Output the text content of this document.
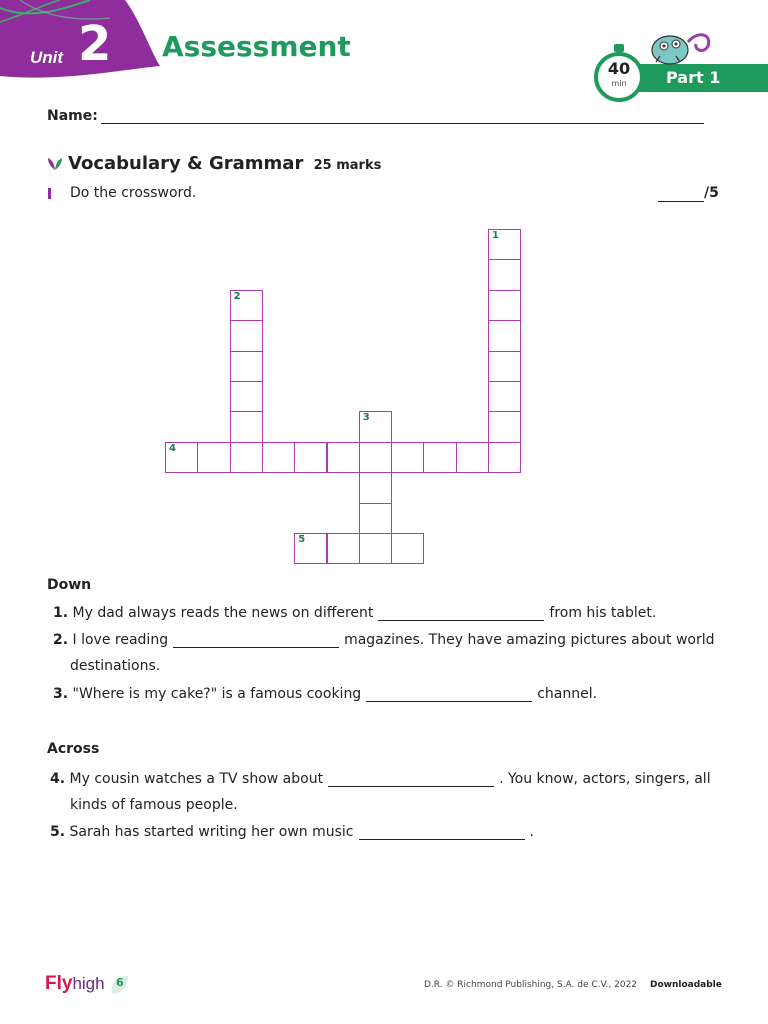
Unit 2 Assessment
Part 1
40
min
Name:
Vocabulary & Grammar 25 marks
Do the crossword.	/5
1
2
3
4
5
Down
1. My dad always reads the news on different	from his tablet.
2. I love reading	magazines. They have amazing pictures about world
destinations.
3. "Where is my cake?" is a famous cooking	channel.
Across
4. My cousin watches a TV show about	. You know, actors, singers, all
kinds of famous people.
5. Sarah has started writing her own music	.
Flyhigh 6	D.R. © Richmond Publishing, S.A. de C.V., 2022 Downloadable
